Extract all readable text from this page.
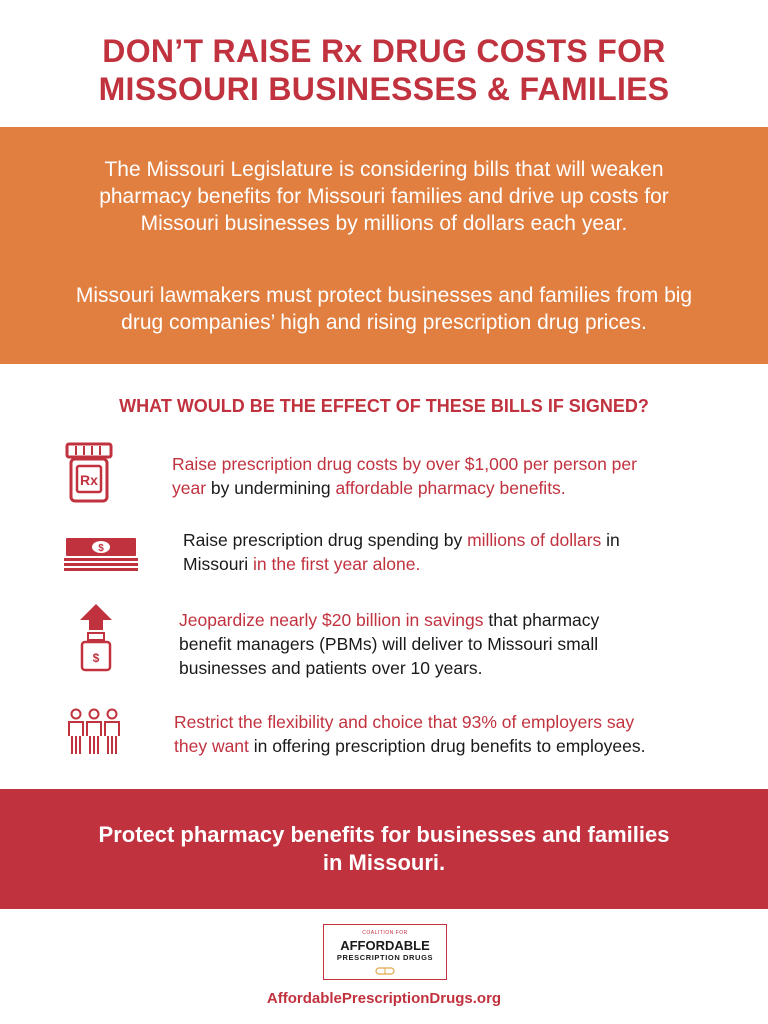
DON’T RAISE Rx DRUG COSTS FOR
MISSOURI BUSINESSES & FAMILIES

The Missouri Legislature is considering bills that will weaken

pharmacy benefits for Missouri families and drive up costs for

Missouri businesses by millions of dollars each year.

Missouri lawmakers must protect businesses and families from big

drug companies’ high and rising prescription drug prices.

WHAT WOULD BE THE EFFECT OF THESE BILLS IF SIGNED?
Rx
Raise prescription drug costs by over $1,000 per person per
year by undermining affordable pharmacy benefits.
$	Raise prescription drug spending by millions of dollars in
Missouri in the first year alone.
$
Jeopardize nearly $20 billion in savings that pharmacy
benefit managers (PBMs) will deliver to Missouri small
businesses and patients over 10 years.
Restrict the flexibility and choice that 93% of employers say
they want in offering prescription drug benefits to employees.
Protect pharmacy benefits for businesses and families
in Missouri.
COALITION FOR
AFFORDABLE
PRESCRIPTION DRUGS
AffordablePrescriptionDrugs.org
